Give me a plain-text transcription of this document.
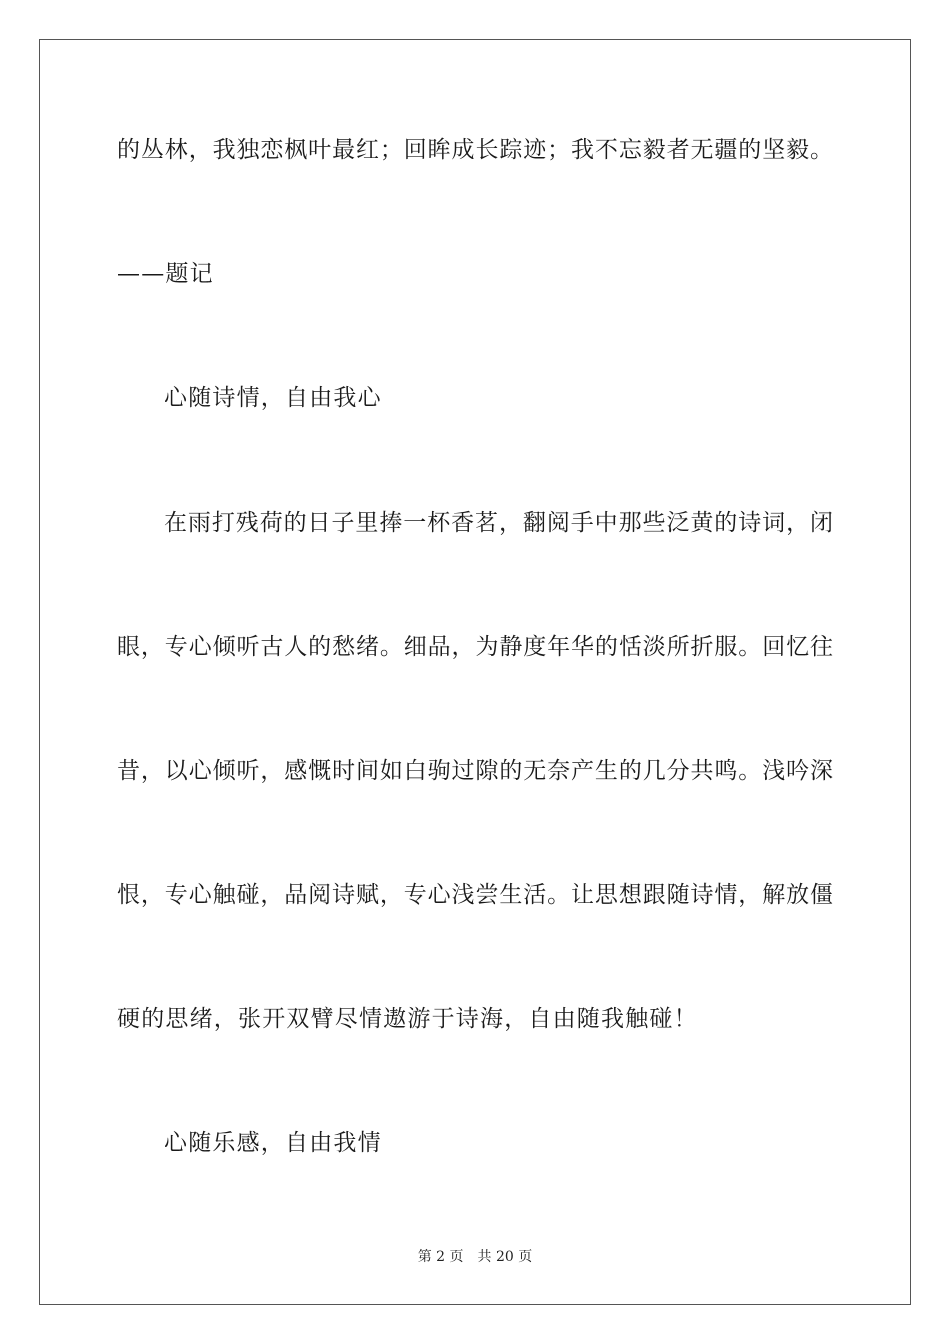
的丛林，我独恋枫叶最红；回眸成长踪迹；我不忘毅者无疆的坚毅。
——题记
心随诗情，自由我心
在雨打残荷的日子里捧一杯香茗，翻阅手中那些泛黄的诗词，闭
眼，专心倾听古人的愁绪。细品，为静度年华的恬淡所折服。回忆往
昔，以心倾听，感慨时间如白驹过隙的无奈产生的几分共鸣。浅吟深
恨，专心触碰，品阅诗赋，专心浅尝生活。让思想跟随诗情，解放僵
硬的思绪，张开双臂尽情遨游于诗海，自由随我触碰！
心随乐感，自由我情
第 2 页 共 20 页
